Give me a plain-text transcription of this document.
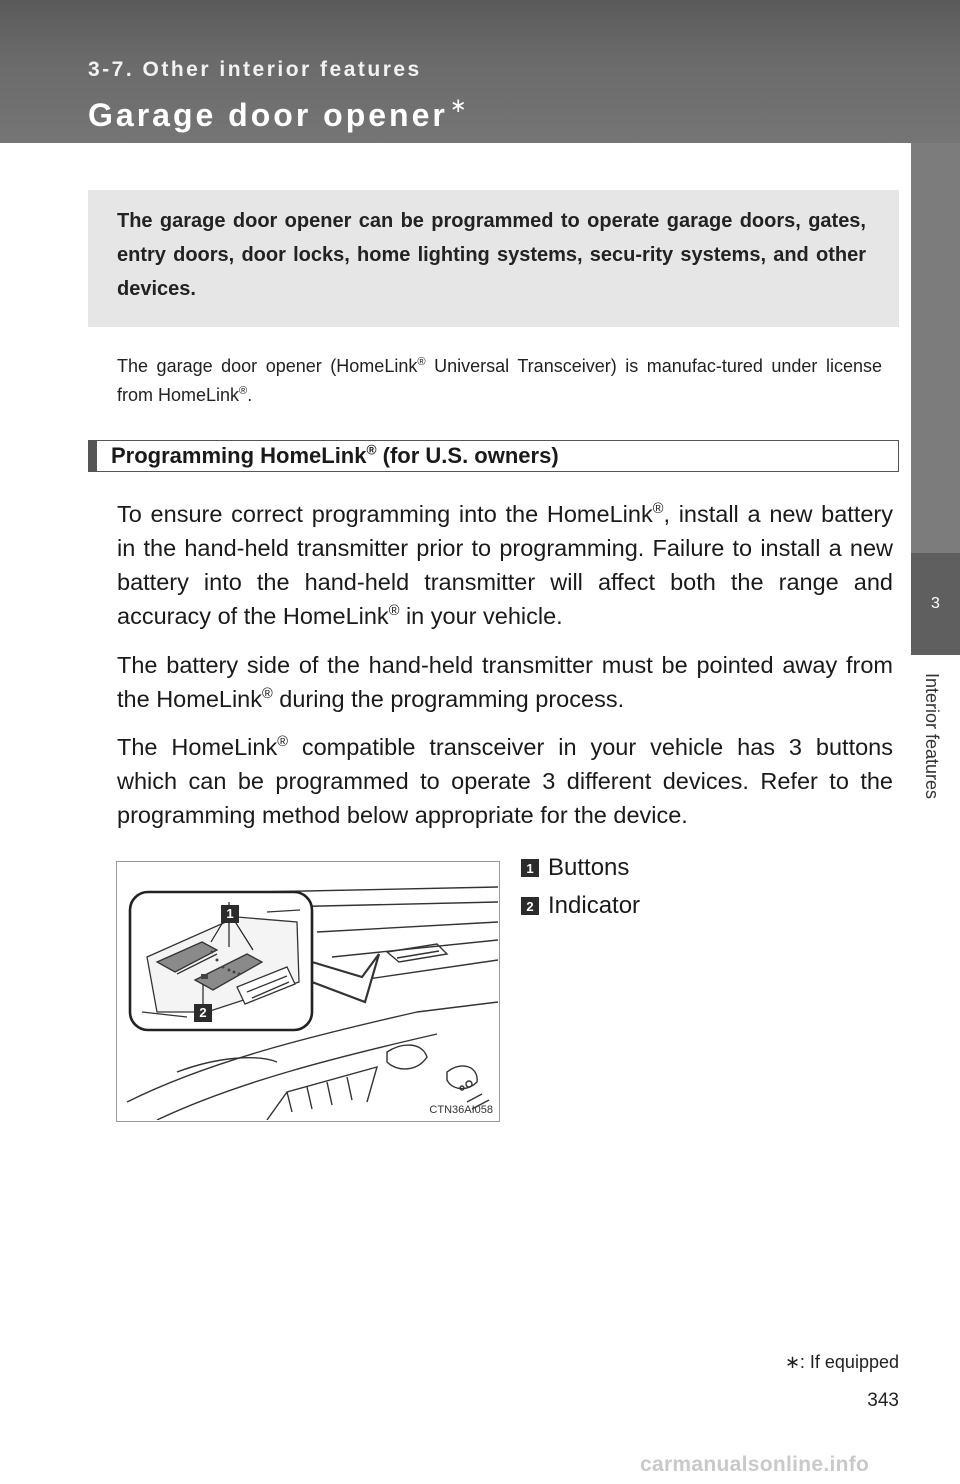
3-7. Other interior features
Garage door opener ∗
3
Interior features

The garage door opener can be programmed to operate garage doors, gates, entry doors, door locks, home lighting systems, secu-rity systems, and other devices.

The garage door opener (HomeLink® Universal Transceiver) is manufac-tured under license from HomeLink®.

Programming HomeLink® (for U.S. owners)

To ensure correct programming into the HomeLink®, install a new battery in the hand-held transmitter prior to programming. Failure to install a new battery into the hand-held transmitter will affect both the range and accuracy of the HomeLink® in your vehicle.

The battery side of the hand-held transmitter must be pointed away from the HomeLink® during the programming process.

The HomeLink® compatible transceiver in your vehicle has 3 buttons which can be programmed to operate 3 different devices. Refer to the programming method below appropriate for the device.

1
2
CTN36AI058
1 Buttons
2 Indicator
∗: If equipped
343
carmanualsonline.info
